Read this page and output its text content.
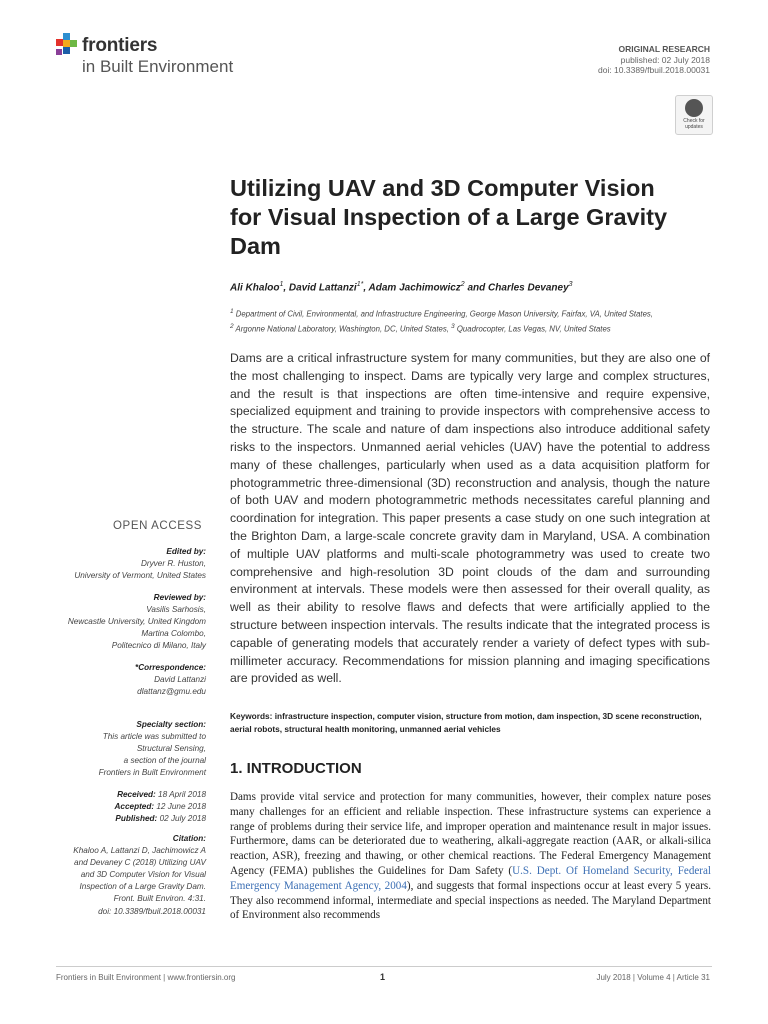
frontiers
in Built Environment
ORIGINAL RESEARCH
published: 02 July 2018
doi: 10.3389/fbuil.2018.00031
Check for
updates
Utilizing UAV and 3D Computer Vision for Visual Inspection of a Large Gravity Dam
Ali Khaloo$^1$, David Lattanzi$^{1*}$, Adam Jachimowicz$^2$ and Charles Devaney$^3$
$^1$ Department of Civil, Environmental, and Infrastructure Engineering, George Mason University, Fairfax, VA, United States,
$^2$ Argonne National Laboratory, Washington, DC, United States, $^3$ Quadrocopter, Las Vegas, NV, United States
Dams are a critical infrastructure system for many communities, but they are also one of the most challenging to inspect. Dams are typically very large and complex structures, and the result is that inspections are often time-intensive and require expensive, specialized equipment and training to provide inspectors with comprehensive access to the structure. The scale and nature of dam inspections also introduce additional safety risks to the inspectors. Unmanned aerial vehicles (UAV) have the potential to address many of these challenges, particularly when used as a data acquisition platform for photogrammetric three-dimensional (3D) reconstruction and analysis, though the nature of both UAV and modern photogrammetric methods necessitates careful planning and coordination for integration. This paper presents a case study on one such integration at the Brighton Dam, a large-scale concrete gravity dam in Maryland, USA. A combination of multiple UAV platforms and multi-scale photogrammetry was used to create two comprehensive and high-resolution 3D point clouds of the dam and surrounding environment at intervals. These models were then assessed for their overall quality, as well as their ability to resolve flaws and defects that were artificially applied to the structure between inspection intervals. The results indicate that the integrated process is capable of generating models that accurately render a variety of defect types with sub-millimeter accuracy. Recommendations for mission planning and imaging specifications are provided as well.
Keywords: infrastructure inspection, computer vision, structure from motion, dam inspection, 3D scene reconstruction, aerial robots, structural health monitoring, unmanned aerial vehicles
1. INTRODUCTION
Dams provide vital service and protection for many communities, however, their complex nature poses many challenges for an efficient and reliable inspection. These infrastructure systems can experience a range of problems during their service life, and improper operation and maintenance result in major issues. Furthermore, dams can be deteriorated due to weathering, alkali-aggregate reaction (AAR, or alkali-silica reaction, ASR), freezing and thawing, or other chemical reactions. The Federal Emergency Management Agency (FEMA) publishes the Guidelines for Dam Safety (U.S. Dept. Of Homeland Security, Federal Emergency Management Agency, 2004), and suggests that formal inspections occur at least every 5 years. They also recommend informal, intermediate and special inspections as needed. The Maryland Department of Environment also recommends
OPEN ACCESS
Edited by:
Dryver R. Huston,
University of Vermont, United States
Reviewed by:
Vasilis Sarhosis,
Newcastle University, United Kingdom
Martina Colombo,
Politecnico di Milano, Italy
*Correspondence:
David Lattanzi
dlattanz@gmu.edu
Specialty section:
This article was submitted to
Structural Sensing,
a section of the journal
Frontiers in Built Environment
Received: 18 April 2018
Accepted: 12 June 2018
Published: 02 July 2018
Citation:
Khaloo A, Lattanzi D, Jachimowicz A
and Devaney C (2018) Utilizing UAV
and 3D Computer Vision for Visual
Inspection of a Large Gravity Dam.
Front. Built Environ. 4:31.
doi: 10.3389/fbuil.2018.00031
Frontiers in Built Environment | www.frontiersin.org	1	July 2018 | Volume 4 | Article 31
